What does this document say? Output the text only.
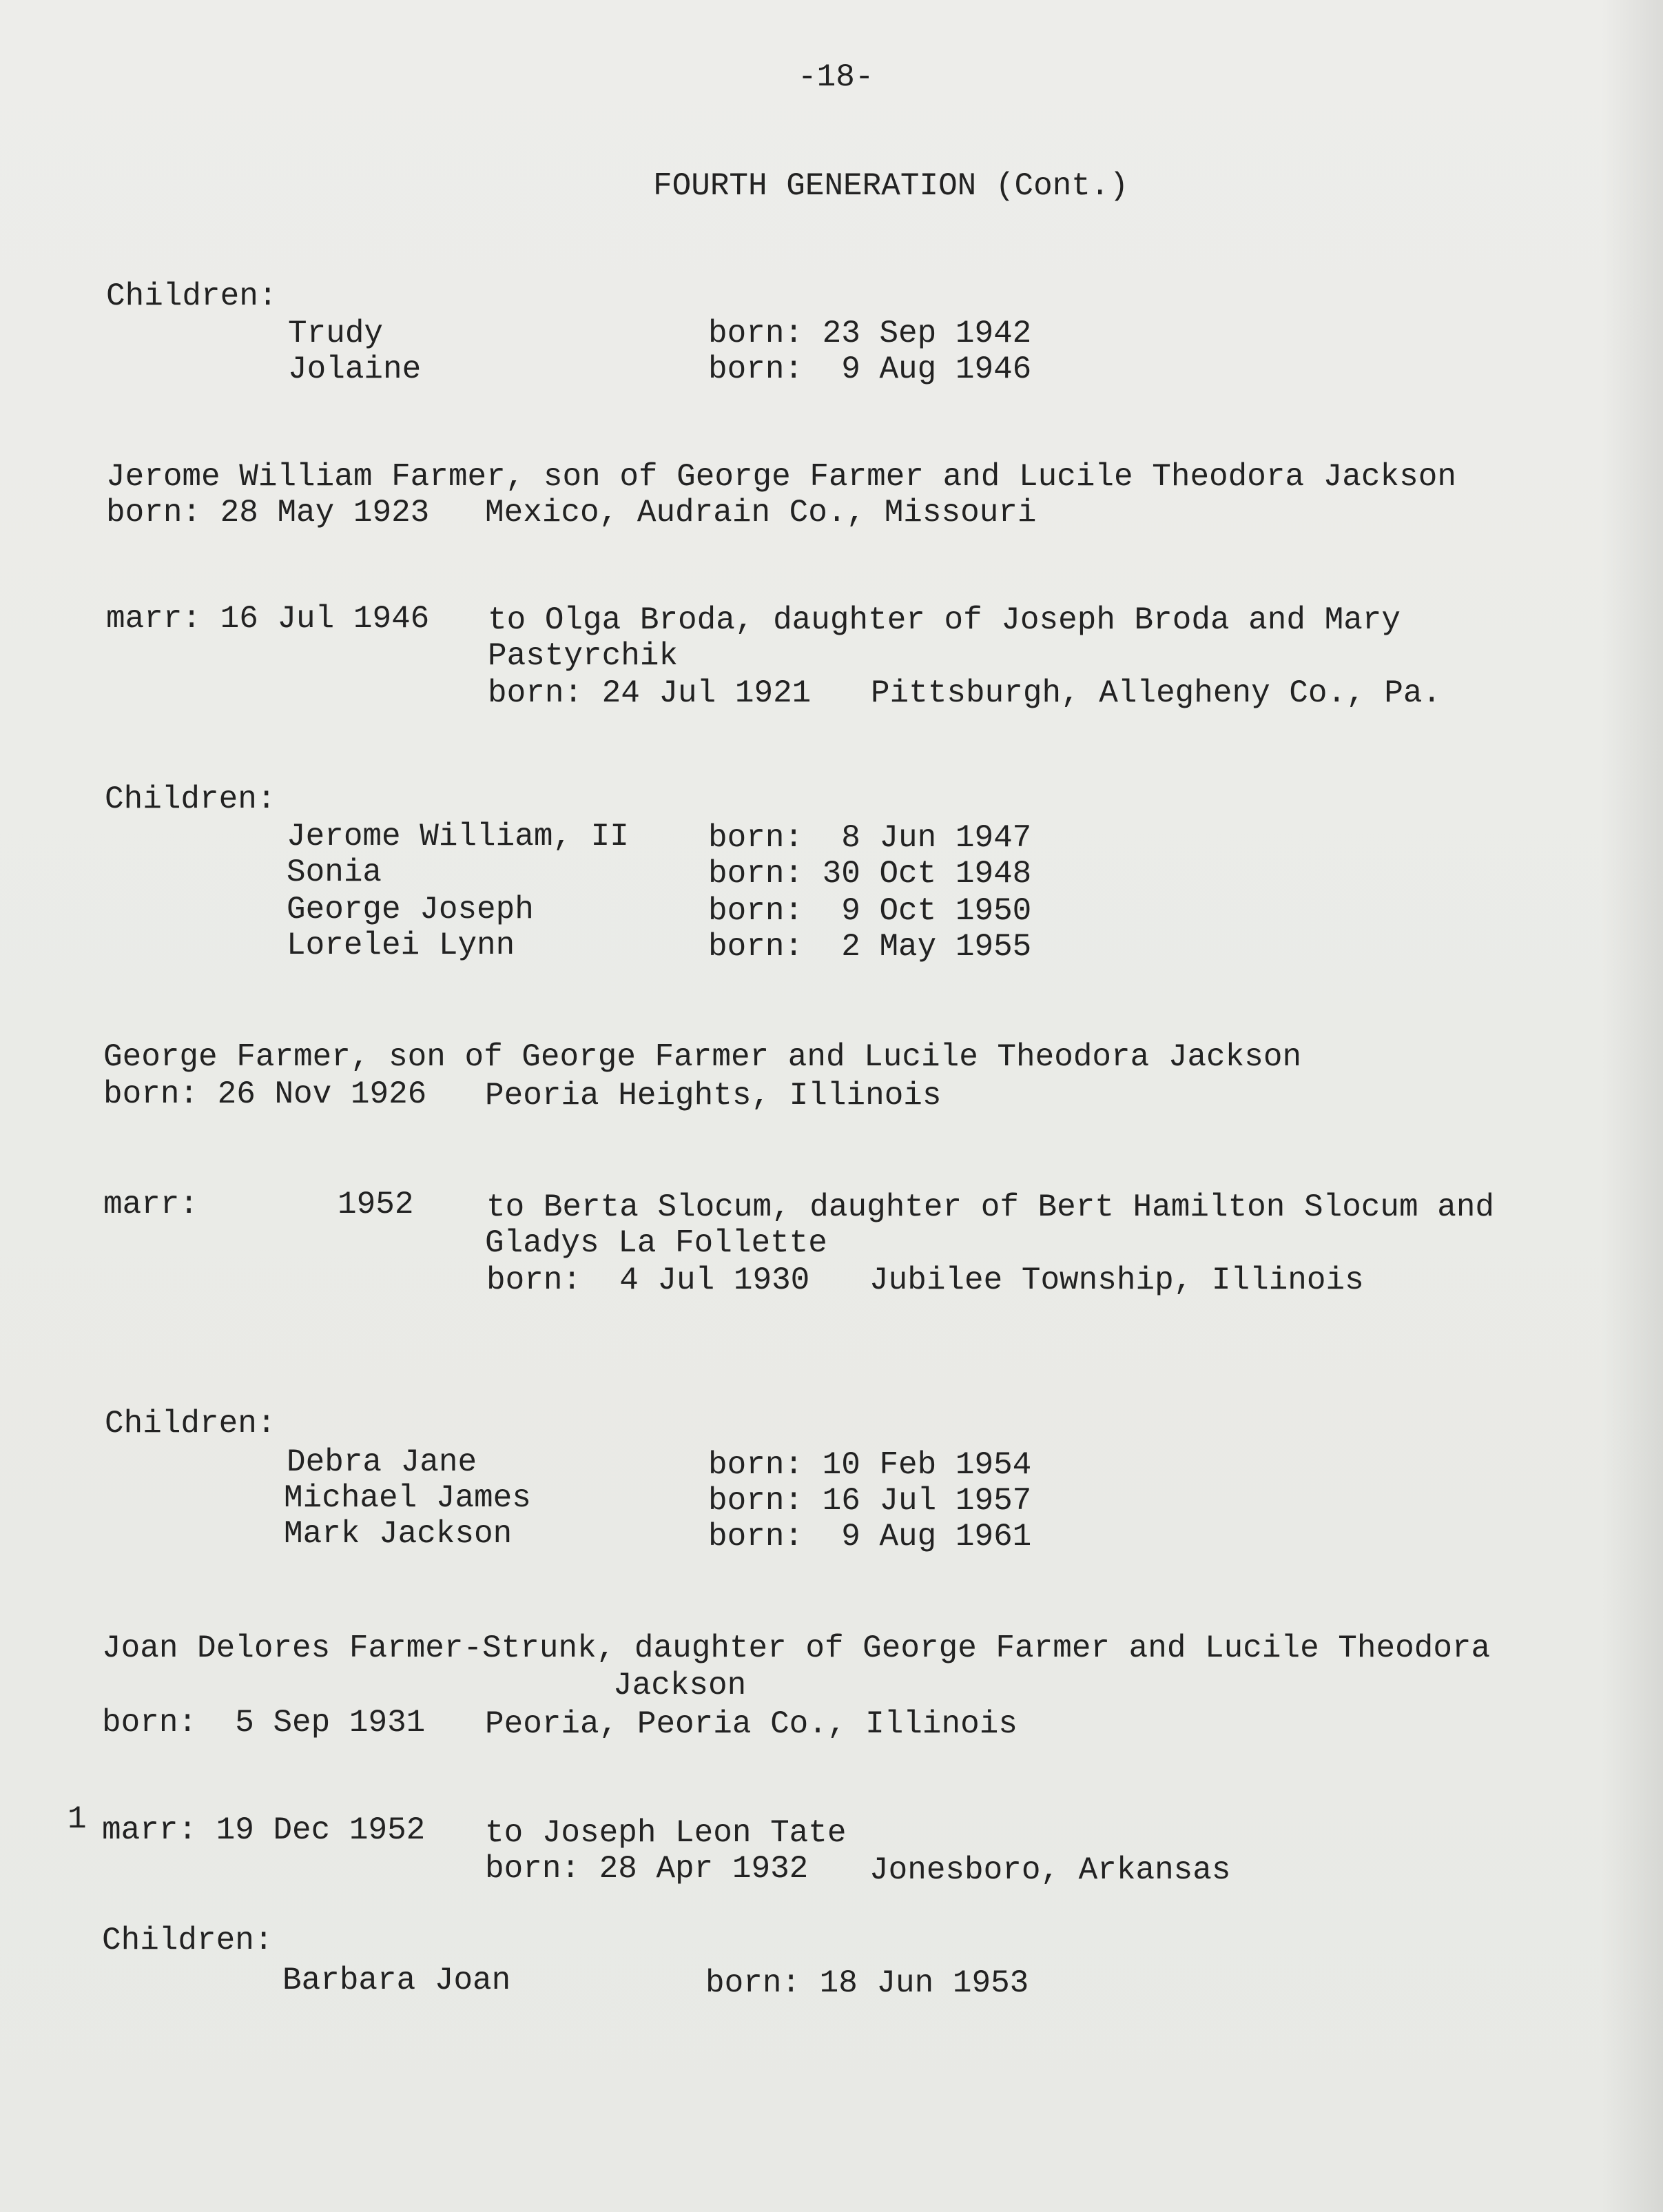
-18-
FOURTH GENERATION (Cont.)
Children:
Trudy	born: 23 Sep 1942
Jolaine	born:  9 Aug 1946
Jerome William Farmer, son of George Farmer and Lucile Theodora Jackson
born: 28 May 1923 Mexico, Audrain Co., Missouri
marr: 16 Jul 1946 to Olga Broda, daughter of Joseph Broda and Mary
Pastyrchik
born: 24 Jul 1921 Pittsburgh, Allegheny Co., Pa.
Children:
Jerome William, II	born:  8 Jun 1947
Sonia	born: 30 Oct 1948
George Joseph	born:  9 Oct 1950
Lorelei Lynn	born:  2 May 1955
George Farmer, son of George Farmer and Lucile Theodora Jackson
born: 26 Nov 1926 Peoria Heights, Illinois
marr:	1952 to Berta Slocum, daughter of Bert Hamilton Slocum and
Gladys La Follette
born:  4 Jul 1930 Jubilee Township, Illinois
Children:
Debra Jane	born: 10 Feb 1954
Michael James	born: 16 Jul 1957
Mark Jackson	born:  9 Aug 1961
Joan Delores Farmer-Strunk, daughter of George Farmer and Lucile Theodora
Jackson
born:  5 Sep 1931 Peoria, Peoria Co., Illinois
1 marr: 19 Dec 1952 to Joseph Leon Tate
born: 28 Apr 1932 Jonesboro, Arkansas
Children:
Barbara Joan	born: 18 Jun 1953
